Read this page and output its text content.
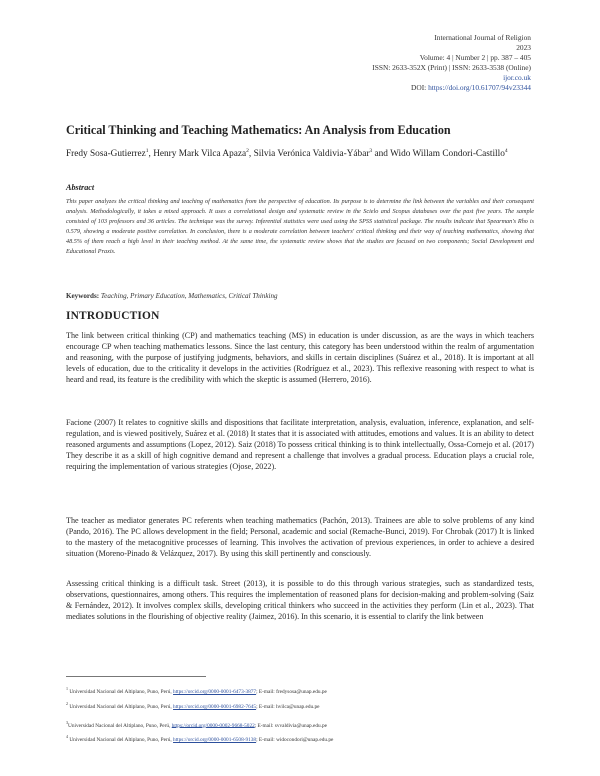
International Journal of Religion
2023
Volume: 4 | Number 2 | pp. 387 – 405
ISSN: 2633-352X (Print) | ISSN: 2633-3538 (Online)
ijor.co.uk
DOI: https://doi.org/10.61707/94v23344
Critical Thinking and Teaching Mathematics: An Analysis from Education
Fredy Sosa-Gutierrez$^1$, Henry Mark Vilca Apaza$^2$, Silvia Verónica Valdivia-Yábar$^3$ and Wido Willam Condori-Castillo$^4$
Abstract
This paper analyzes the critical thinking and teaching of mathematics from the perspective of education. Its purpose is to determine the link between the variables and their consequent analysis. Methodologically, it takes a mixed approach. It uses a correlational design and systematic review in the Scielo and Scopus databases over the past five years. The sample consisted of 103 professors and 36 articles. The technique was the survey. Inferential statistics were used using the SPSS statistical package. The results indicate that Spearman's Rho is 0.579, showing a moderate positive correlation. In conclusion, there is a moderate correlation between teachers' critical thinking and their way of teaching mathematics, showing that 48.5% of them reach a high level in their teaching method. At the same time, the systematic review shows that the studies are focused on two components; Social Development and Educational Praxis.
Keywords: Teaching, Primary Education, Mathematics, Critical Thinking
INTRODUCTION

The link between critical thinking (CP) and mathematics teaching (MS) in education is under discussion, as are the ways in which teachers encourage CP when teaching mathematics lessons. Since the last century, this category has been understood within the realm of argumentation and reasoning, with the purpose of justifying judgments, behaviors, and skills in certain disciplines (Suárez et al., 2018). It is important at all levels of education, due to the criticality it develops in the activities (Rodríguez et al., 2023). This reflexive reasoning with respect to what is heard and read, its feature is the credibility with which the skeptic is assumed (Herrero, 2016).

Facione (2007) It relates to cognitive skills and dispositions that facilitate interpretation, analysis, evaluation, inference, explanation, and self-regulation, and is viewed positively, Suárez et al. (2018) It states that it is associated with attitudes, emotions and values. It is an ability to detect reasoned arguments and assumptions (Lopez, 2012). Saiz (2018) To possess critical thinking is to think intellectually, Ossa-Cornejo et al. (2017) They describe it as a skill of high cognitive demand and represent a challenge that involves a gradual process. Education plays a crucial role, requiring the implementation of various strategies (Ojose, 2022).

The teacher as mediator generates PC referents when teaching mathematics (Pachón, 2013). Trainees are able to solve problems of any kind (Pando, 2016). The PC allows development in the field; Personal, academic and social (Remache-Bunci, 2019). For Chrobak (2017) It is linked to the mastery of the metacognitive processes of learning. This involves the activation of previous experiences, in order to achieve a desired situation (Moreno-Pinado & Velázquez, 2017). By using this skill pertinently and consciously.

Assessing critical thinking is a difficult task. Street (2013), it is possible to do this through various strategies, such as standardized tests, observations, questionnaires, among others. This requires the implementation of reasoned plans for decision-making and problem-solving (Saiz & Fernández, 2012). It involves complex skills, developing critical thinkers who succeed in the activities they perform (Lin et al., 2023). That mediates solutions in the flourishing of objective reality (Jaimez, 2016). In this scenario, it is essential to clarify the link between

$^1$ Universidad Nacional del Altiplano, Puno, Perú, https://orcid.org/0000-0001-6473-3877; E-mail: fredysosa@unap.edu.pe
$^2$ Universidad Nacional del Altiplano, Puno, Perú, https://orcid.org/0000-0001-6982-7645; E-mail: hvilca@unap.edu.pe
$^3$Universidad Nacional del Altiplano, Puno, Perú, https://orcid.org/0000-0002-9668-5022; E-mail: svvaldivia@unap.edu.pe
$^4$ Universidad Nacional del Altiplano, Puno, Perú, https://orcid.org/0000-0001-6508-9138; E-mail: widocondori@unap.edu.pe
